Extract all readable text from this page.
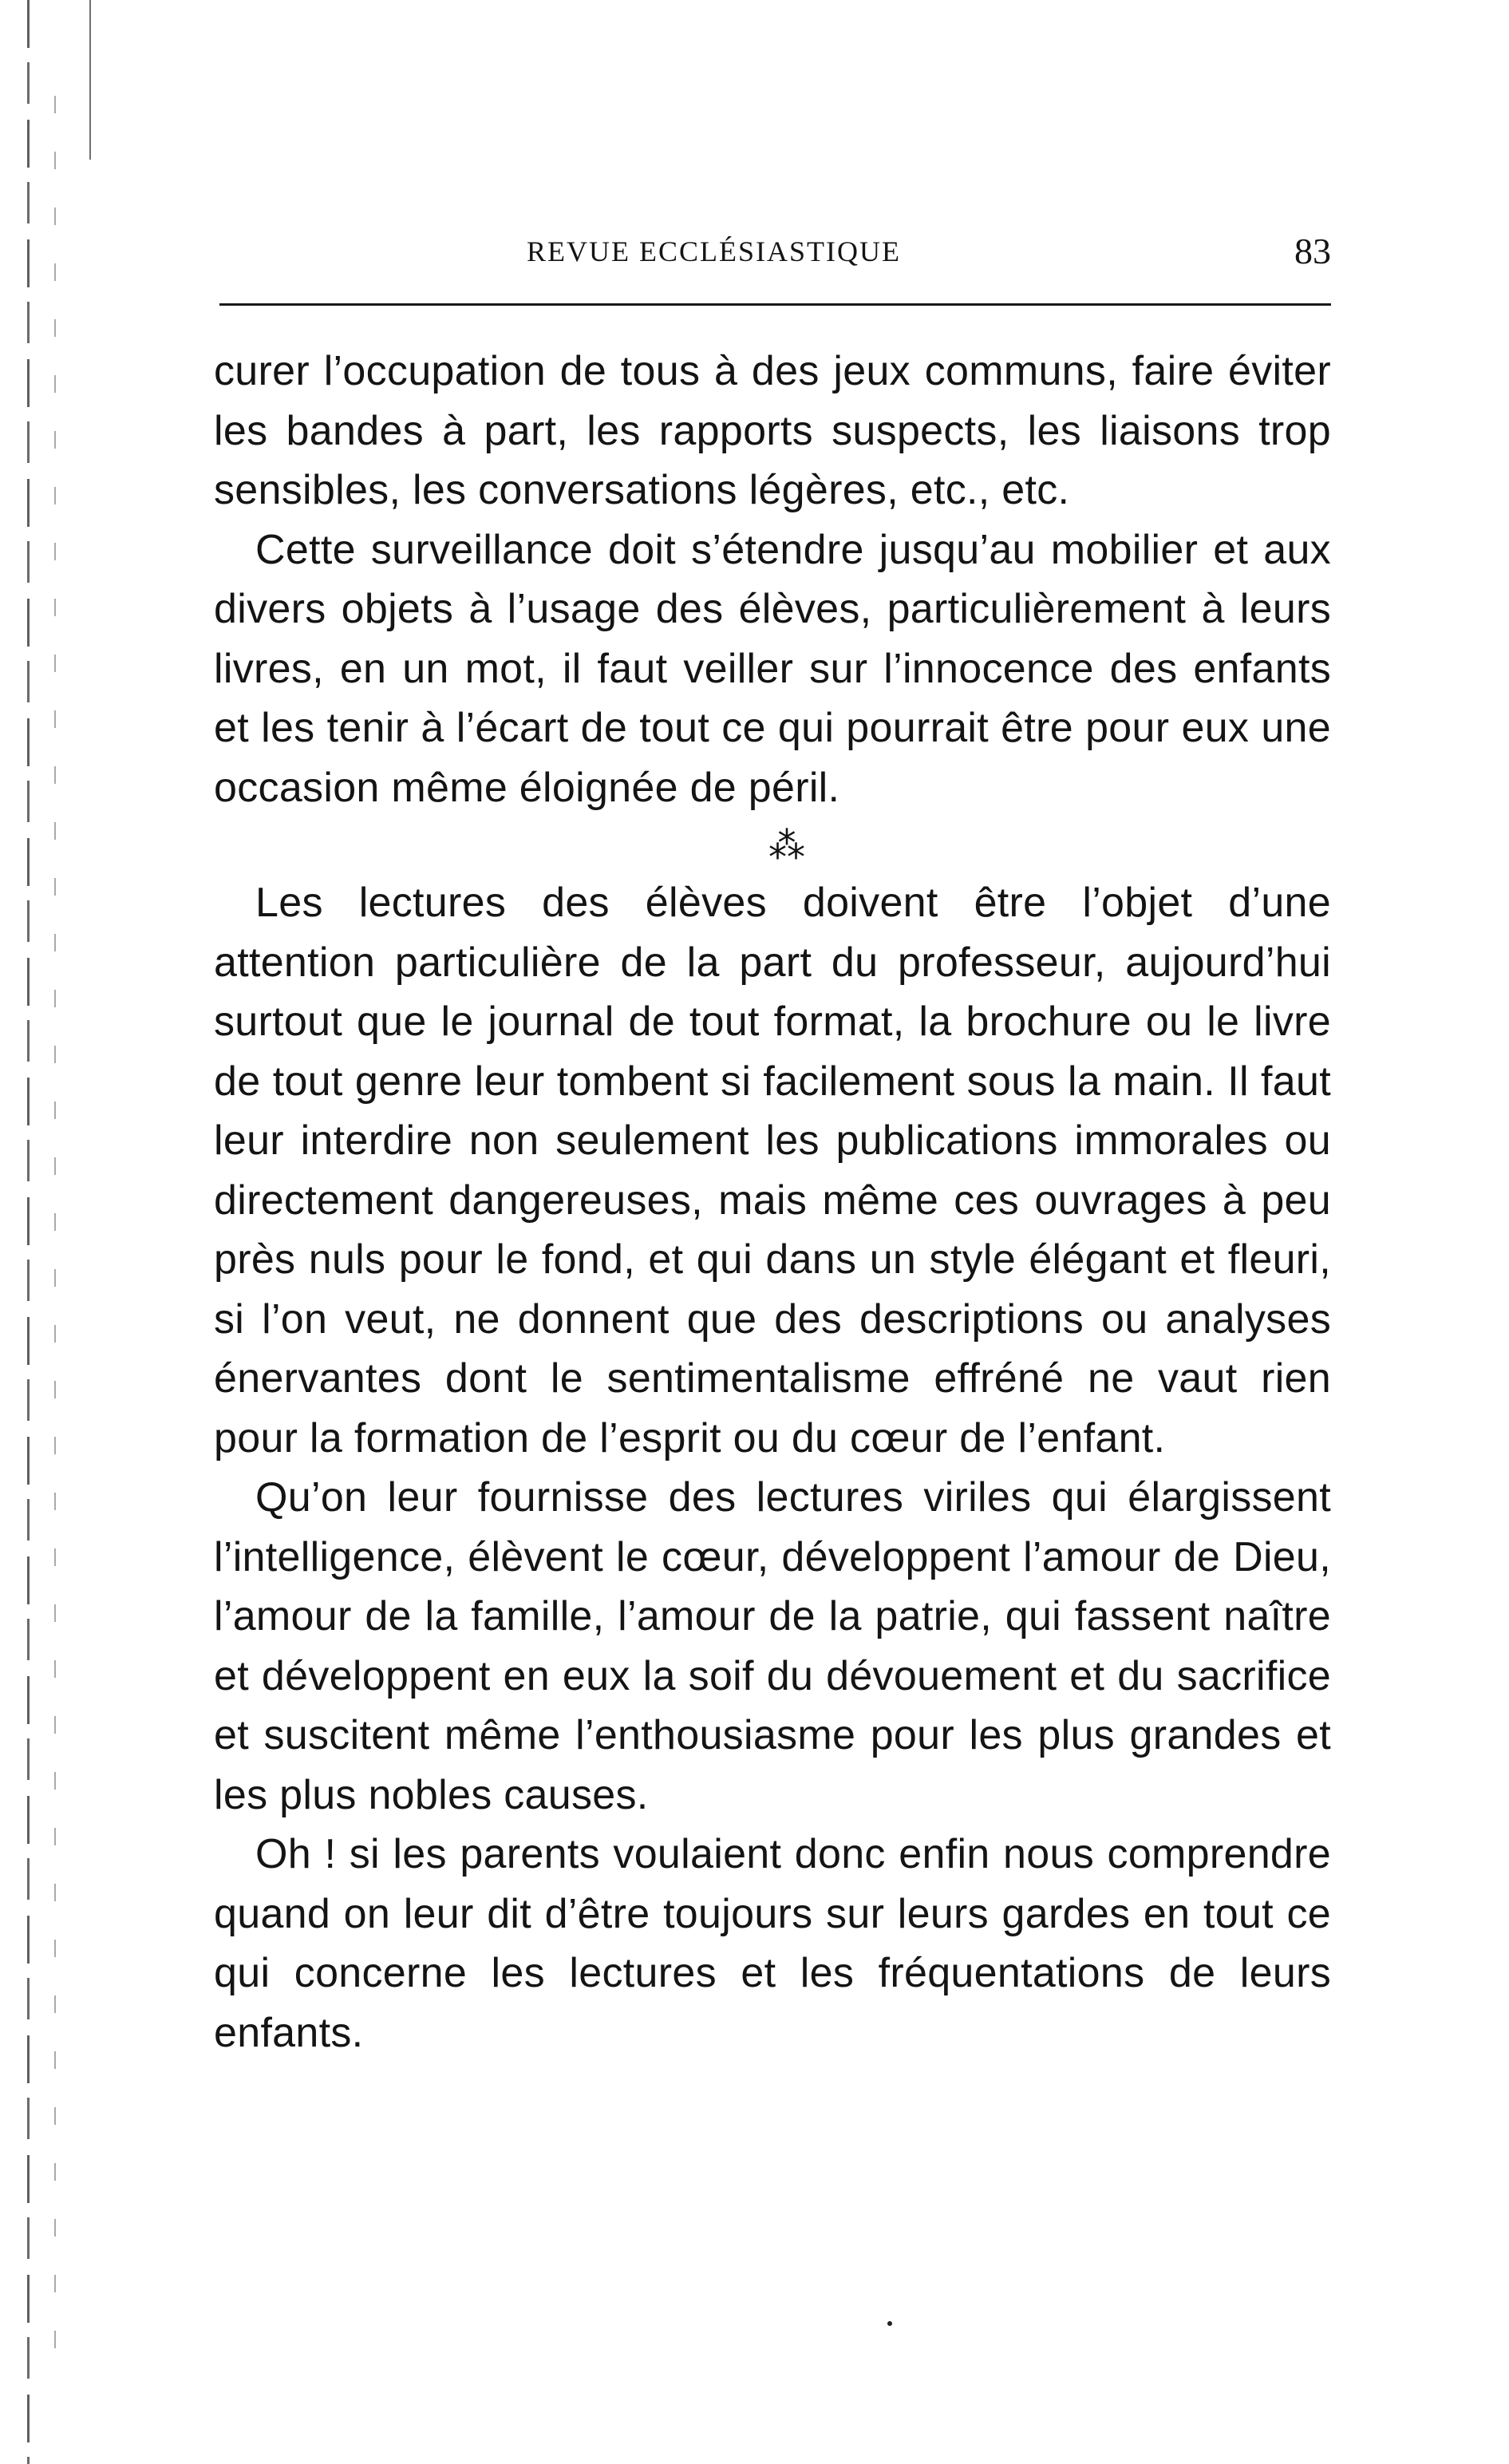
REVUE ECCLÉSIASTIQUE	83

curer l’occupation de tous à des jeux communs, faire éviter les bandes à part, les rapports suspects, les liaisons trop sensibles, les conversations légères, etc., etc.

Cette surveillance doit s’étendre jusqu’au mobilier et aux divers objets à l’usage des élèves, particulièrement à leurs livres, en un mot, il faut veiller sur l’innocence des enfants et les tenir à l’écart de tout ce qui pourrait être pour eux une occasion même éloignée de péril.

⁂

Les lectures des élèves doivent être l’objet d’une attention particulière de la part du professeur, aujourd’hui surtout que le journal de tout format, la brochure ou le livre de tout genre leur tombent si facilement sous la main. Il faut leur interdire non seulement les publications immorales ou directement dangereuses, mais même ces ouvrages à peu près nuls pour le fond, et qui dans un style élégant et fleuri, si l’on veut, ne donnent que des descriptions ou analyses énervantes dont le sentimentalisme effréné ne vaut rien pour la formation de l’esprit ou du cœur de l’enfant.

Qu’on leur fournisse des lectures viriles qui élargissent l’intelligence, élèvent le cœur, développent l’amour de Dieu, l’amour de la famille, l’amour de la patrie, qui fassent naître et développent en eux la soif du dévouement et du sacrifice et suscitent même l’enthousiasme pour les plus grandes et les plus nobles causes.

Oh ! si les parents voulaient donc enfin nous comprendre quand on leur dit d’être toujours sur leurs gardes en tout ce qui concerne les lectures et les fréquentations de leurs enfants.
